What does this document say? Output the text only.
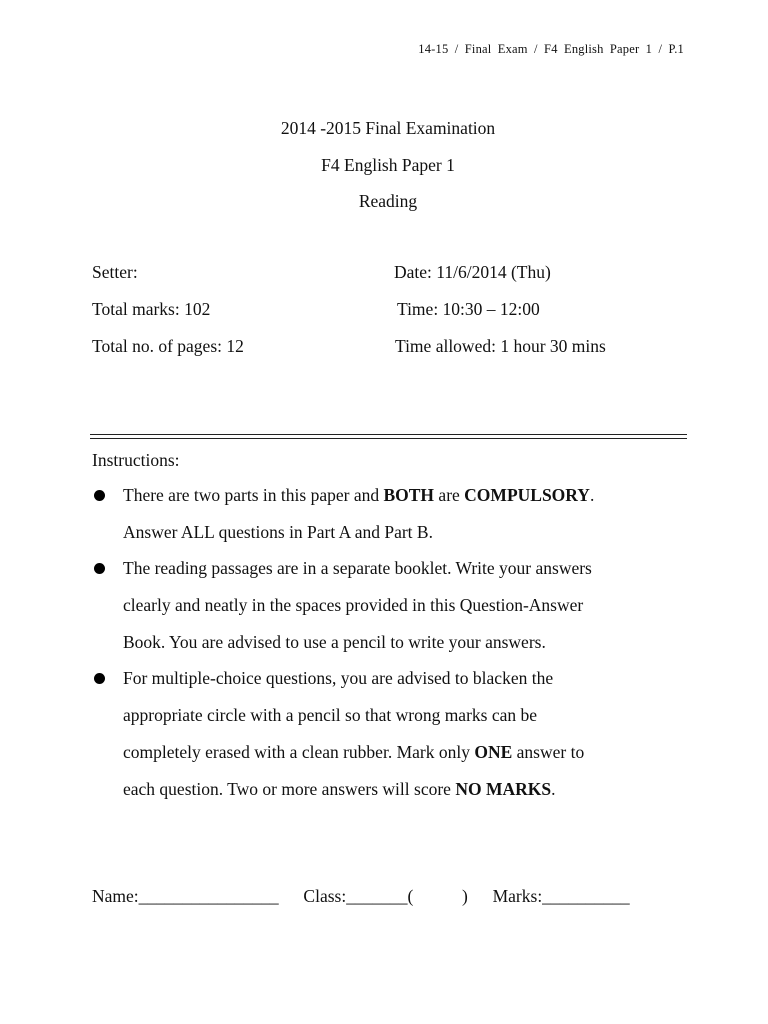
14-15 / Final Exam / F4 English Paper 1 / P.1
2014 -2015 Final Examination
F4 English Paper 1
Reading
Setter:	Date: 11/6/2014 (Thu)
Total marks: 102	Time: 10:30 – 12:00
Total no. of pages: 12	Time allowed: 1 hour 30 mins
Instructions:
There are two parts in this paper and BOTH are COMPULSORY.
Answer ALL questions in Part A and Part B.
The reading passages are in a separate booklet. Write your answers
clearly and neatly in the spaces provided in this Question-Answer
Book. You are advised to use a pencil to write your answers.
For multiple-choice questions, you are advised to blacken the
appropriate circle with a pencil so that wrong marks can be
completely erased with a clean rubber. Mark only ONE answer to
each question. Two or more answers will score NO MARKS.
Name:________________ Class:_______(	) Marks:__________
